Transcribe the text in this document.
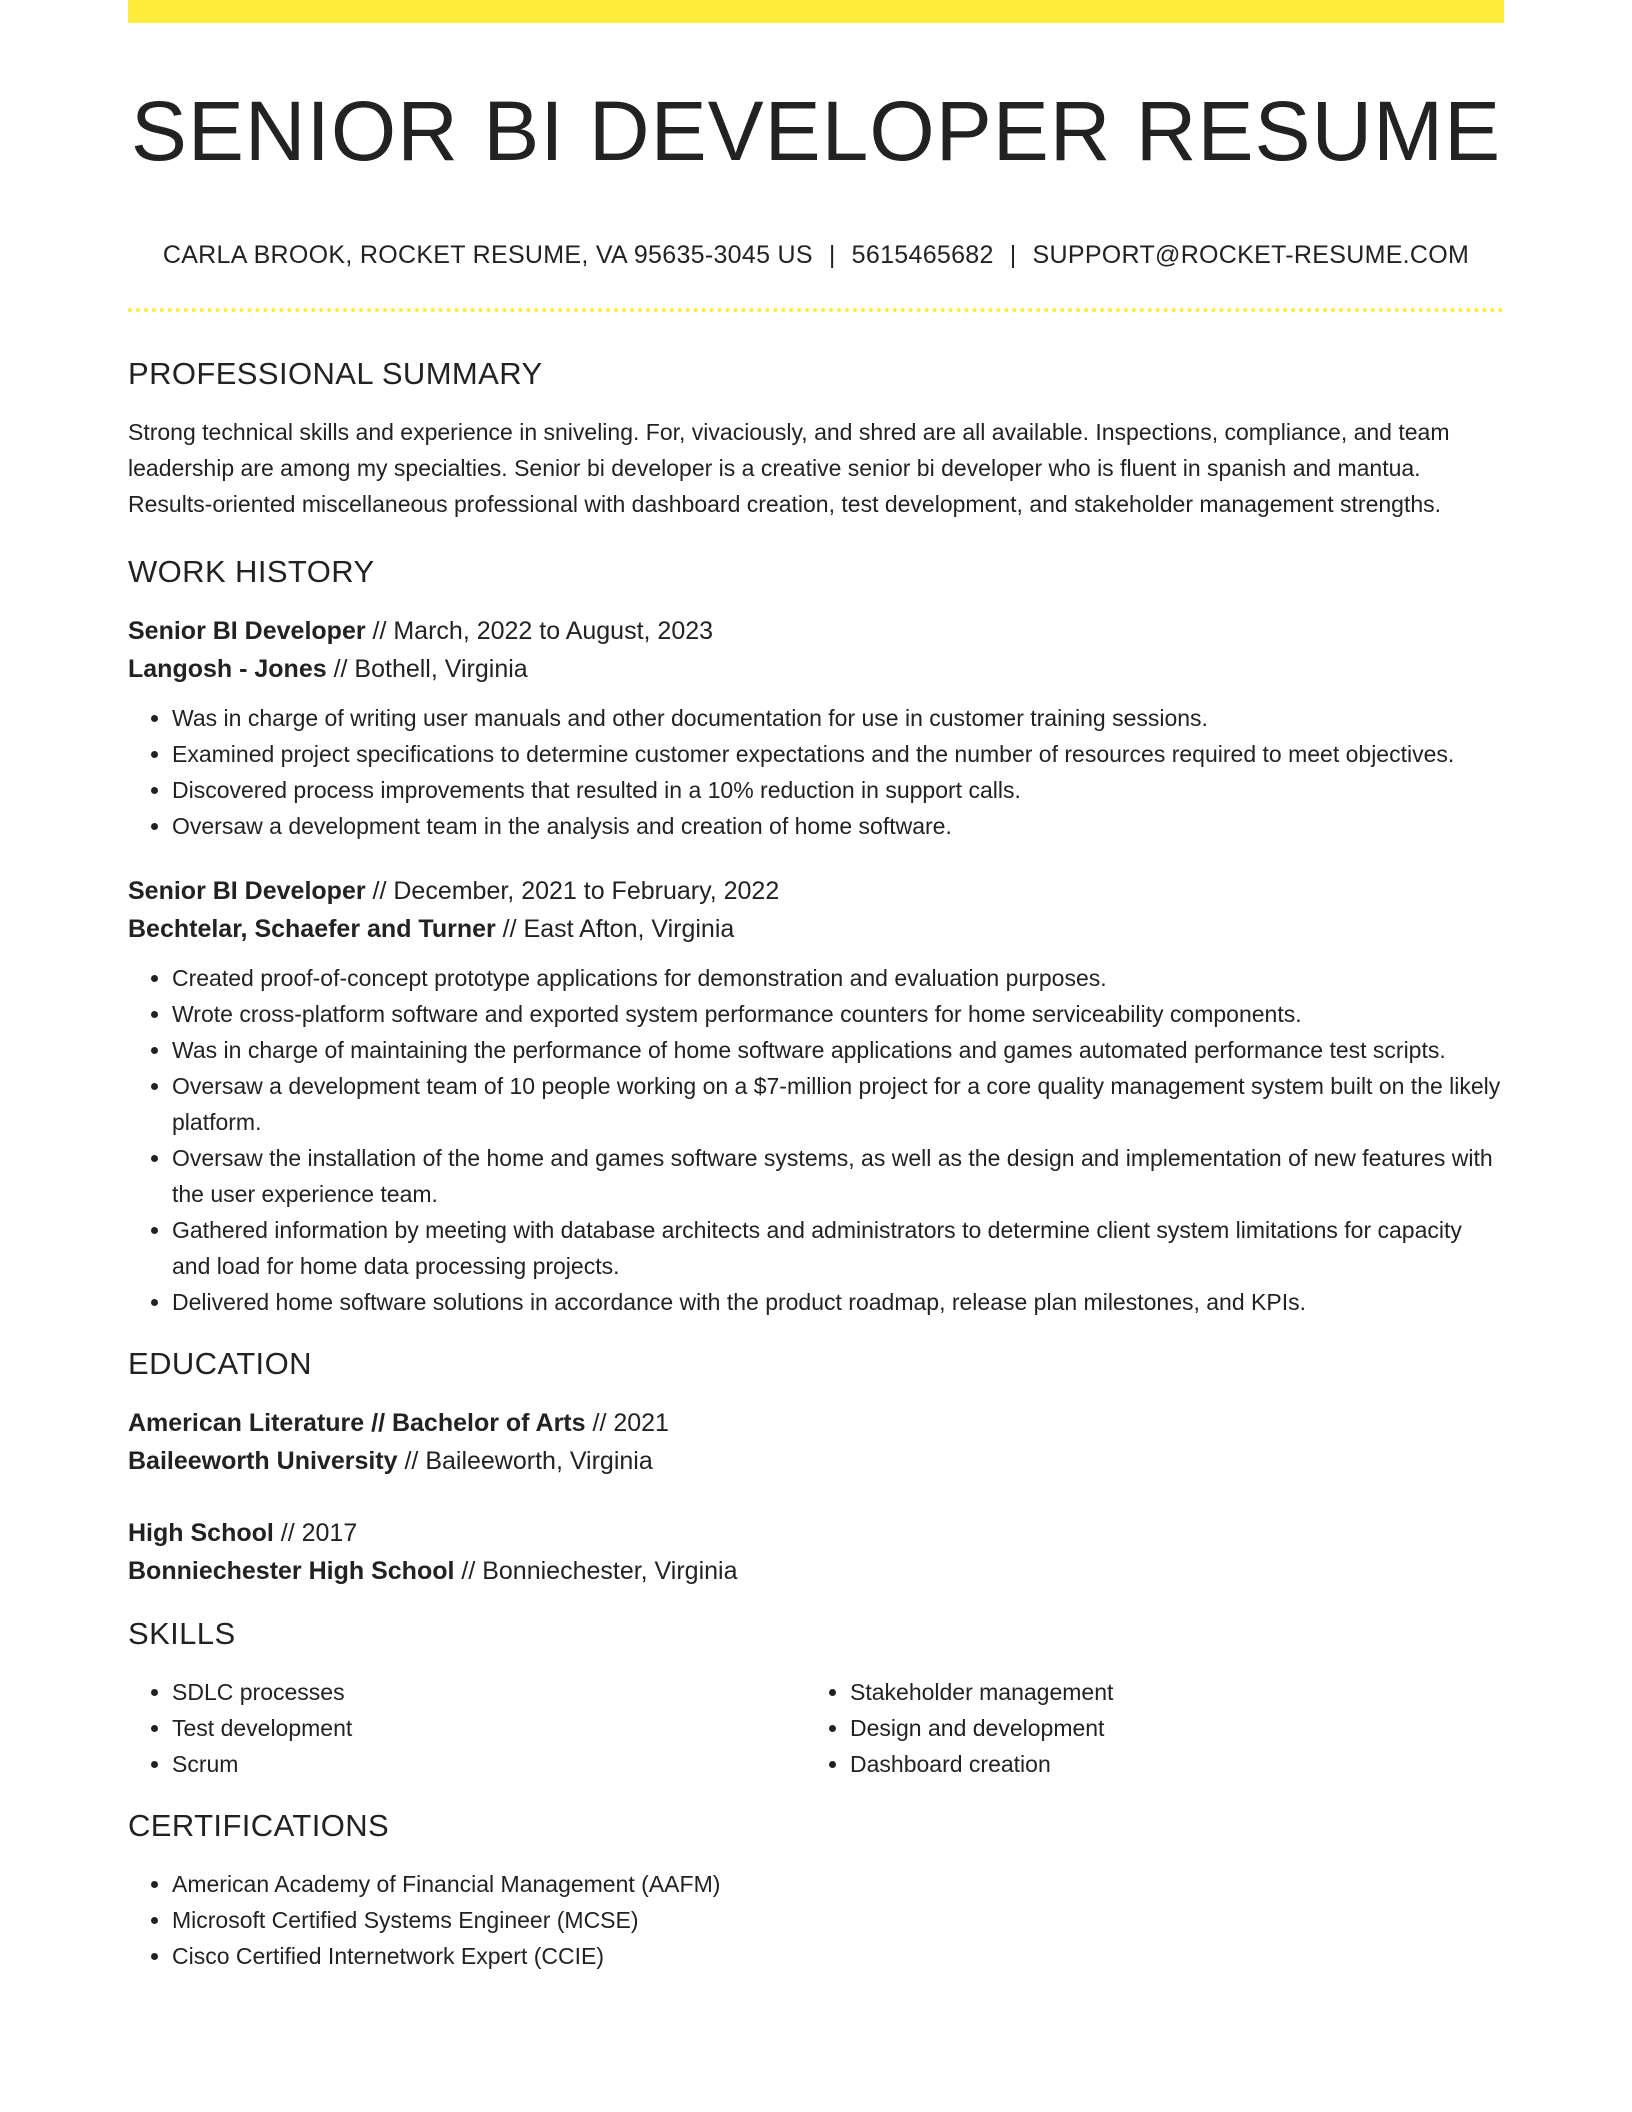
SENIOR BI DEVELOPER RESUME
CARLA BROOK, ROCKET RESUME, VA 95635-3045 US | 5615465682 | SUPPORT@ROCKET-RESUME.COM
PROFESSIONAL SUMMARY

Strong technical skills and experience in sniveling. For, vivaciously, and shred are all available. Inspections, compliance, and team leadership are among my specialties. Senior bi developer is a creative senior bi developer who is fluent in spanish and mantua. Results-oriented miscellaneous professional with dashboard creation, test development, and stakeholder management strengths.

WORK HISTORY

Senior BI Developer // March, 2022 to August, 2023

Langosh - Jones // Bothell, Virginia

• Was in charge of writing user manuals and other documentation for use in customer training sessions.
• Examined project specifications to determine customer expectations and the number of resources required to meet objectives.
• Discovered process improvements that resulted in a 10% reduction in support calls.
• Oversaw a development team in the analysis and creation of home software.

Senior BI Developer // December, 2021 to February, 2022

Bechtelar, Schaefer and Turner // East Afton, Virginia

• Created proof-of-concept prototype applications for demonstration and evaluation purposes.
• Wrote cross-platform software and exported system performance counters for home serviceability components.
• Was in charge of maintaining the performance of home software applications and games automated performance test scripts.
• Oversaw a development team of 10 people working on a $7-million project for a core quality management system built on the likely platform.
• Oversaw the installation of the home and games software systems, as well as the design and implementation of new features with the user experience team.
• Gathered information by meeting with database architects and administrators to determine client system limitations for capacity and load for home data processing projects.
• Delivered home software solutions in accordance with the product roadmap, release plan milestones, and KPIs.
EDUCATION

American Literature // Bachelor of Arts // 2021

Baileeworth University // Baileeworth, Virginia

High School // 2017

Bonniechester High School // Bonniechester, Virginia

SKILLS
• SDLC processes
• Test development
• Scrum
• Stakeholder management
• Design and development
• Dashboard creation
CERTIFICATIONS
• American Academy of Financial Management (AAFM)
• Microsoft Certified Systems Engineer (MCSE)
• Cisco Certified Internetwork Expert (CCIE)
